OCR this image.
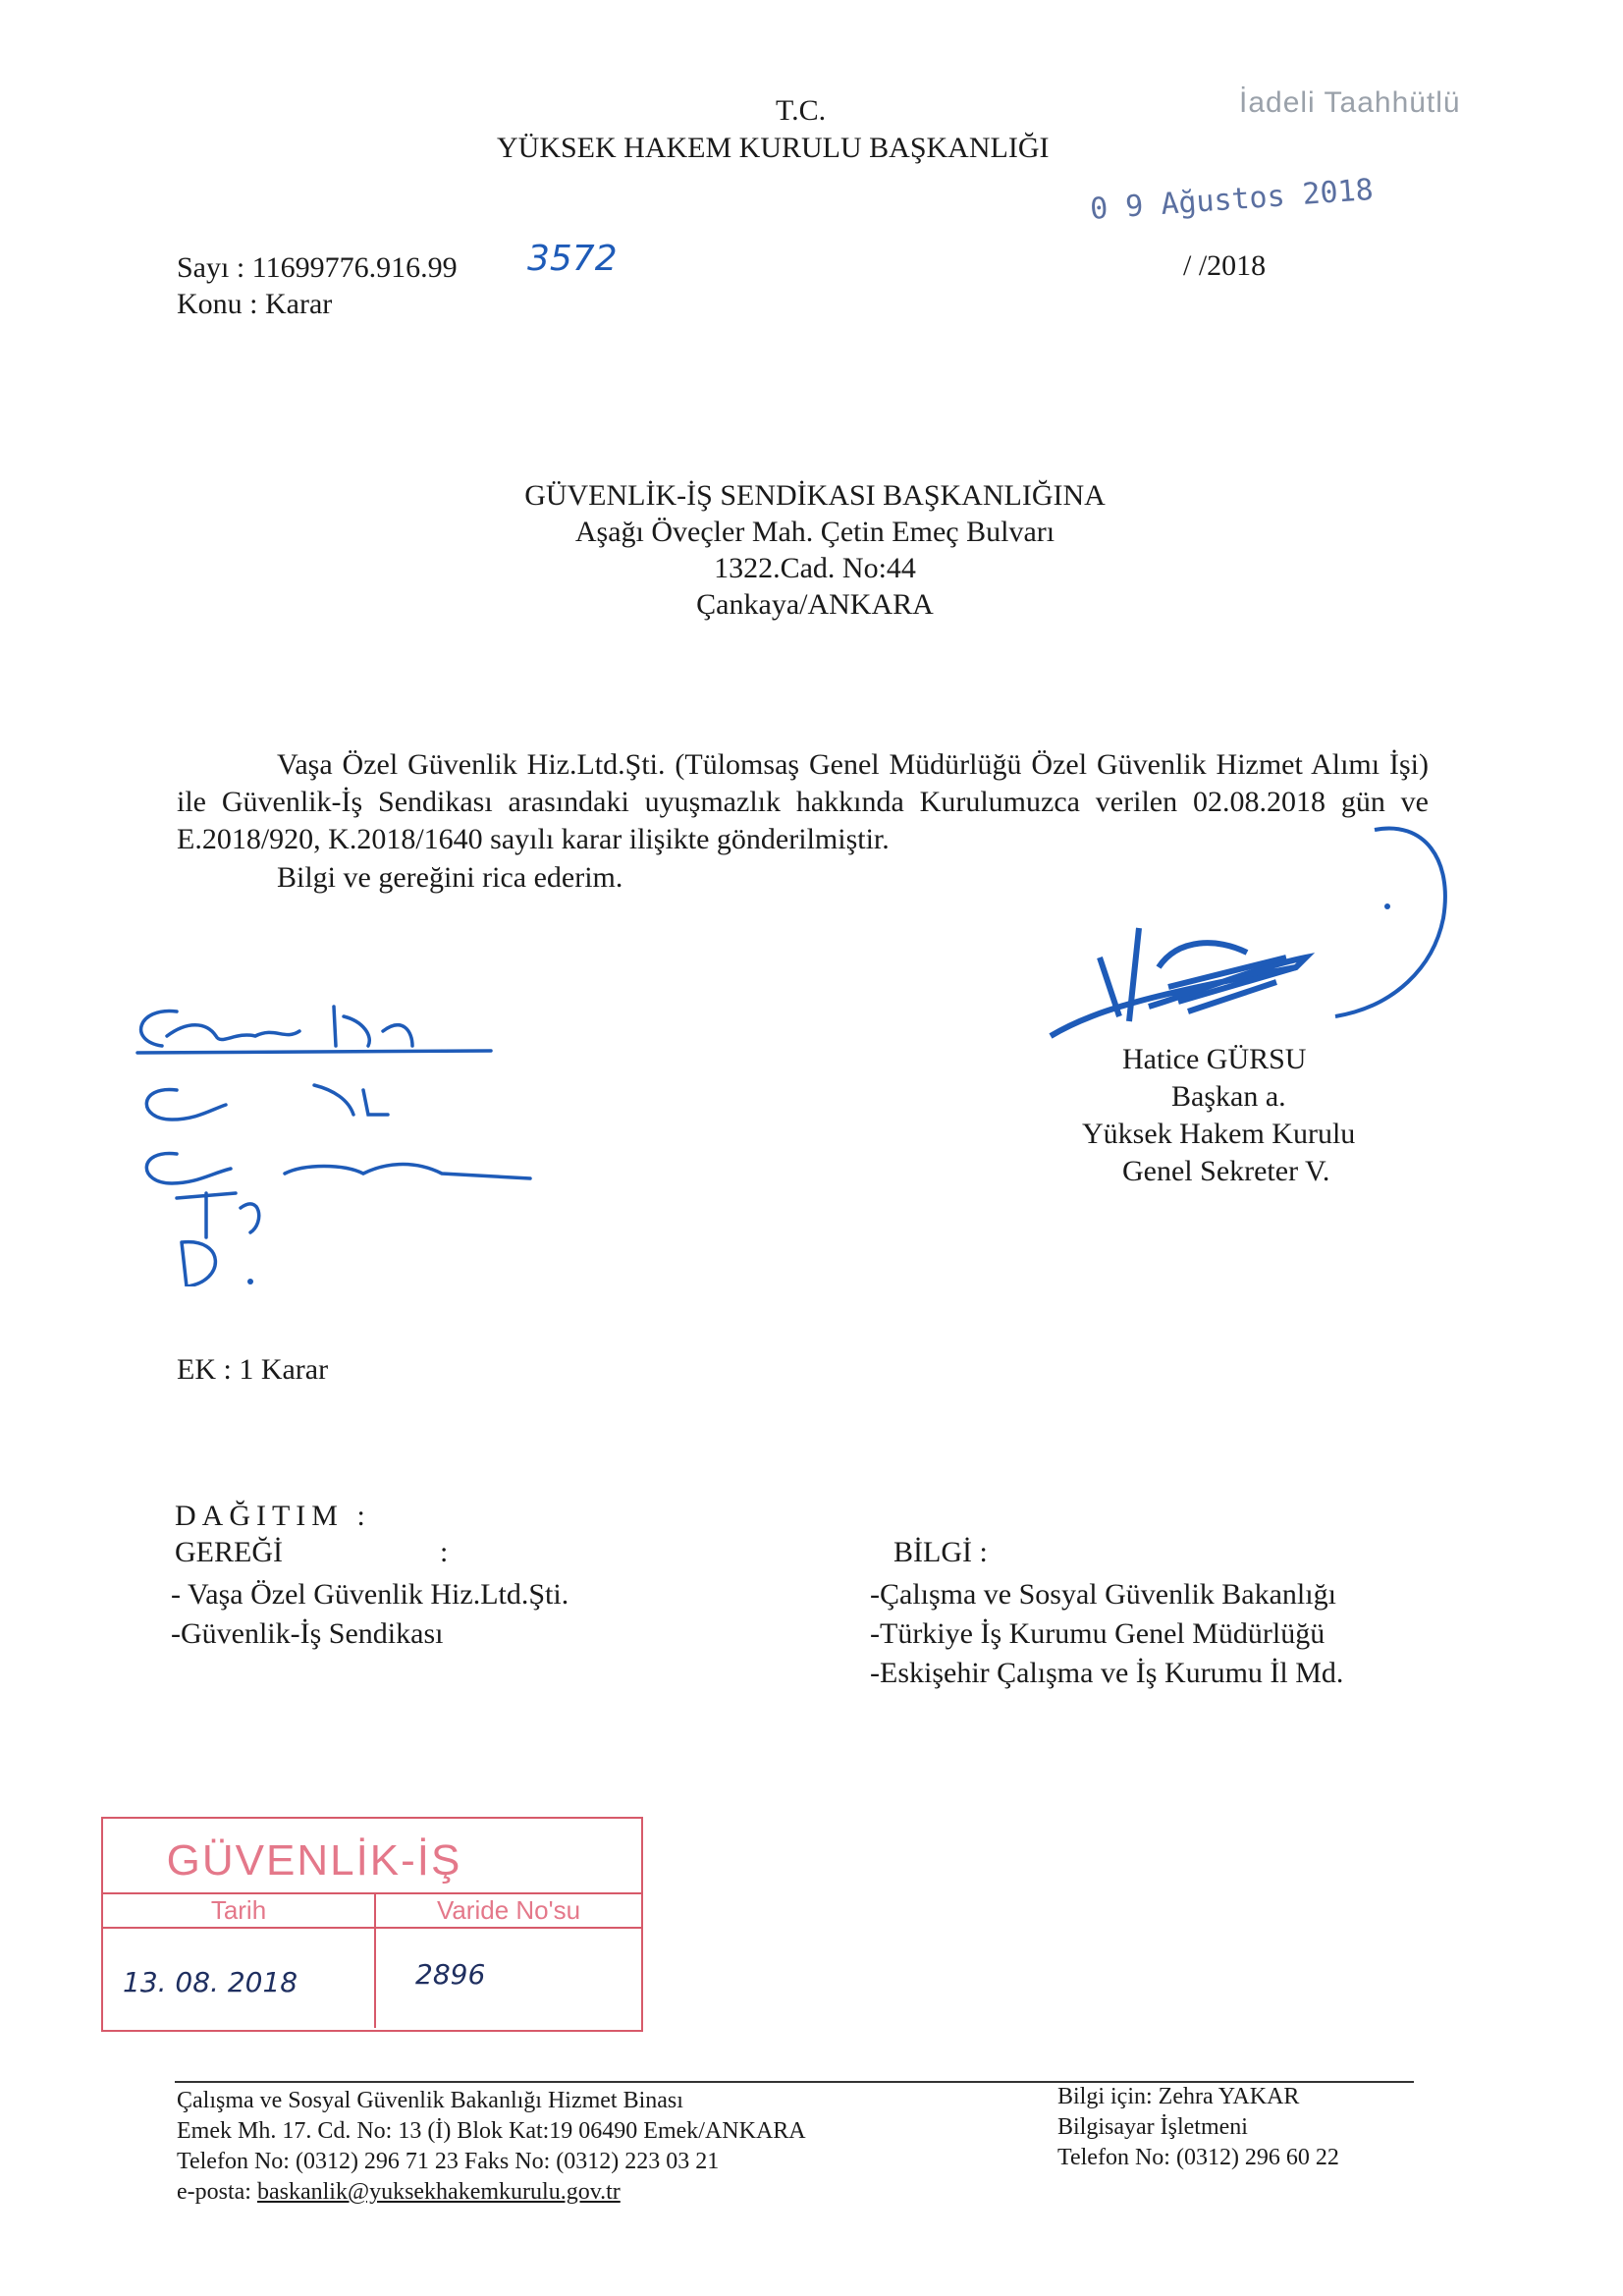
İadeli Taahhütlü
0 9 Ağustos 2018
T.C.
YÜKSEK HAKEM KURULU BAŞKANLIĞI
Sayı : 11699776.916.99
Konu : Karar
3572	/ /2018
GÜVENLİK-İŞ SENDİKASI BAŞKANLIĞINA
Aşağı Öveçler Mah. Çetin Emeç Bulvarı
1322.Cad. No:44
Çankaya/ANKARA
Vaşa Özel Güvenlik Hiz.Ltd.Şti. (Tülomsaş Genel Müdürlüğü Özel Güvenlik Hizmet Alımı İşi) ile Güvenlik-İş Sendikası arasındaki uyuşmazlık hakkında Kurulumuzca verilen 02.08.2018 gün ve E.2018/920, K.2018/1640 sayılı karar ilişikte gönderilmiştir.
Bilgi ve gereğini rica ederim.
Hatice GÜRSU
Başkan a.
Yüksek Hakem Kurulu
Genel Sekreter V.
EK : 1 Karar
DAĞITIM :
GEREĞİ	:
- Vaşa Özel Güvenlik Hiz.Ltd.Şti.
-Güvenlik-İş Sendikası
BİLGİ :
-Çalışma ve Sosyal Güvenlik Bakanlığı
-Türkiye İş Kurumu Genel Müdürlüğü
-Eskişehir Çalışma ve İş Kurumu İl Md.
GÜVENLİK-İŞ
Tarih	Varide No'su
13. 08. 2018	2896
Çalışma ve Sosyal Güvenlik Bakanlığı Hizmet Binası
Emek Mh. 17. Cd. No: 13 (İ) Blok Kat:19 06490 Emek/ANKARA
Telefon No: (0312) 296 71 23 Faks No: (0312) 223 03 21
e-posta: baskanlik@yuksekhakemkurulu.gov.tr
Bilgi için: Zehra YAKAR
Bilgisayar İşletmeni
Telefon No: (0312) 296 60 22
